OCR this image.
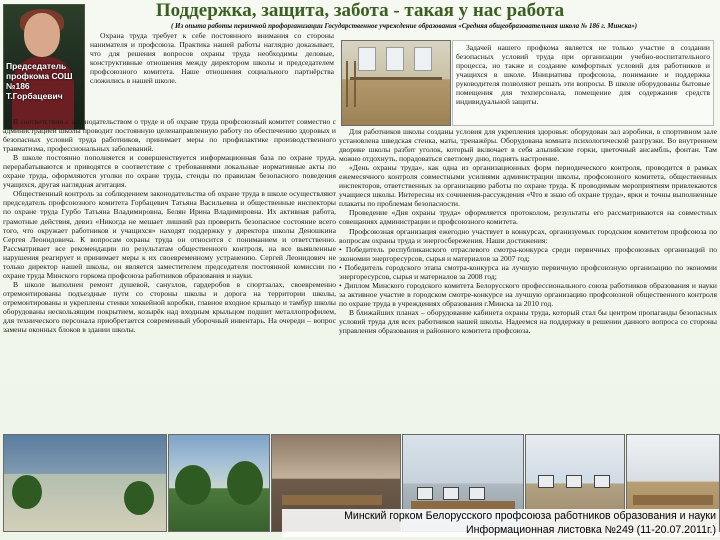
Поддержка, защита, забота - такая у нас работа
( Из опыта работы первичной профорганизации Государственное учреждение образования «Средняя общеобразовательная школа № 186 г. Минска»)
Председатель профкома СОШ №186 Т.Горбацевич

Охрана труда требует к себе постоянного внимания со стороны нанимателя и профсоюза. Практика нашей работы наглядно доказывает, что для решения вопросов охраны труда необходимы деловые, конструктивные отношения между директором школы и председателем профсоюзного комитета. Наше отношения социального партнёрства сложились в нашей школе.

В соответствии с законодательством о труде и об охране труда профсоюзный комитет совместно с администрацией школы проводит постоянную целенаправленную работу по обеспечению здоровых и безопасных условий труда работников, принимает меры по профилактике производственного травматизма, профессиональных заболеваний.

В школе постоянно пополняется и совершенствуется информационная база по охране труда, перерабатываются и приводятся в соответствие с требованиями локальные нормативные акты по охране труда, оформляются уголки по охране труда, стенды по правилам безопасного поведения учащихся, другая наглядная агитация.

Общественный контроль за соблюдением законодательства об охране труда в школе осуществляют председатель профсоюзного комитета Горбацевич Татьяна Васильевна и общественные инспекторы по охране труда Гурбо Татьяна Владимировна, Белян Ирина Владимировна. Их активная работа, грамотные действия, девиз «Никогда не мешает лишний раз проверить безопасное состояние всего того, что окружает работников и учащихся» находят поддержку у директора школы Деношкина Сергея Леонидовича. К вопросам охраны труда он относится с пониманием и ответственно. Рассматривает все рекомендации по результатам общественного контроля, на все выявленные нарушения реагирует и принимает меры к их своевременному устранению. Сергей Леонидович не только директор нашей школы, он является заместителем председателя постоянной комиссии по охране труда Минского горкома профсоюза работников образования и науки.

В школе выполнен ремонт душевой, санузлов, гардеробов в спортзалах, своевременно отремонтированы подъездные пути со стороны школы и дорога на территории школы, отремонтированы и укреплены стенки хоккейной коробки, главное входное крыльцо и тамбур школы оборудованы нескользящим покрытием, козырёк над входным крыльцом подшит металлопрофилем, для технического персонала приобретается современный уборочный инвентарь. На очереди – вопрос замены оконных блоков в здании школы.

Задачей нашего профкома является не только участие в создании безопасных условий труда при организации учебно-воспитательного процесса, но также и создание комфортных условий для работников и учащихся в школе. Инициатива профсоюза, понимание и поддержка руководителя позволяют решать эти вопросы. В школе оборудованы бытовые помещения для техперсонала, помещение для содержания средств индивидуальной защиты.

Для работников школы созданы условия для укрепления здоровья: оборудован зал аэробики, в спортивном зале установлена шведская стенка, маты, тренажёры. Оборудована комната психологической разгрузки. Во внутреннем дворике школы разбит уголок, который включает в себя альпийские горки, цветочный ансамбль, фонтан. Там можно отдохнуть, порадоваться светлому дню, поднять настроение.

«День охраны труда», как одна из организационных форм периодического контроля, проводится в рамках ежемесячного контроля совместными усилиями администрации школы, профсоюзного комитета, общественных инспекторов, ответственных за организацию работы по охране труда. К проводимым мероприятиям привлекаются учащиеся школы. Интересны их сочинения-рассуждения «Что я знаю об охране труда», ярки и точны выполненные плакаты по проблемам безопасности.

Проведение «Дня охраны труда» оформляется протоколом, результаты его рассматриваются на совместных совещаниях администрации и профсоюзного комитета.

Профсоюзная организация ежегодно участвует в конкурсах, организуемых городским комитетом профсоюза по вопросам охраны труда и энергосбережения. Наши достижения:

• Победитель республиканского отраслевого смотра-конкурса среди первичных профсоюзных организаций по экономии энергоресурсов, сырья и материалов за 2007 год;

• Победитель городского этапа смотра-конкурса на лучшую первичную профсоюзную организацию по экономии энергоресурсов, сырья и материалов за 2008 год;

• Диплом Минского городского комитета Белорусского профессионального союза работников образования и науки за активное участие в городском смотре-конкурсе на лучшую организацию профсоюзной общественного контроля по охране труда в учреждениях образования г.Минска за 2010 год.

В ближайших планах – оборудование кабинета охраны труда, который стал бы центром пропаганды безопасных условий труда для всех работников нашей школы. Надеемся на поддержку в решении данного вопроса со стороны управления образования и районного комитета профсоюза.

Минский горком Белорусского профсоюза работников образования и науки
Информационная листовка №249 (11-20.07.2011г.)
